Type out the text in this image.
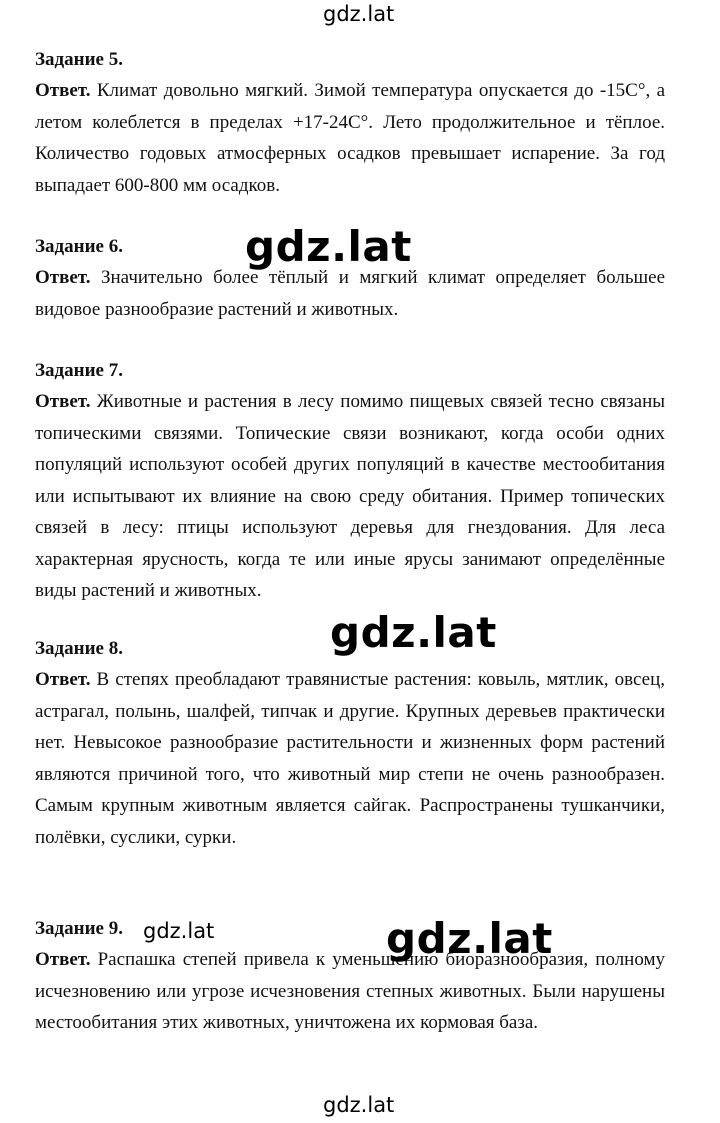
gdz.lat
gdz.lat
gdz.lat
gdz.lat	gdz.lat
gdz.lat

Задание 5.

Ответ. Климат довольно мягкий. Зимой температура опускается до -15С°, а летом колеблется в пределах +17-24С°. Лето продолжительное и тёплое. Количество годовых атмосферных осадков превышает испарение. За год выпадает 600-800 мм осадков.

Задание 6.

Ответ. Значительно более тёплый и мягкий климат определяет большее видовое разнообразие растений и животных.

Задание 7.

Ответ. Животные и растения в лесу помимо пищевых связей тесно связаны топическими связями. Топические связи возникают, когда особи одних популяций используют особей других популяций в качестве местообитания или испытывают их влияние на свою среду обитания. Пример топических связей в лесу: птицы используют деревья для гнездования. Для леса характерная ярусность, когда те или иные ярусы занимают определённые виды растений и животных.

Задание 8.

Ответ. В степях преобладают травянистые растения: ковыль, мятлик, овсец, астрагал, полынь, шалфей, типчак и другие. Крупных деревьев практически нет. Невысокое разнообразие растительности и жизненных форм растений являются причиной того, что животный мир степи не очень разнообразен. Самым крупным животным является сайгак. Распространены тушканчики, полёвки, суслики, сурки.

Задание 9.

Ответ. Распашка степей привела к уменьшению биоразнообразия, полному исчезновению или угрозе исчезновения степных животных. Были нарушены местообитания этих животных, уничтожена их кормовая база.
